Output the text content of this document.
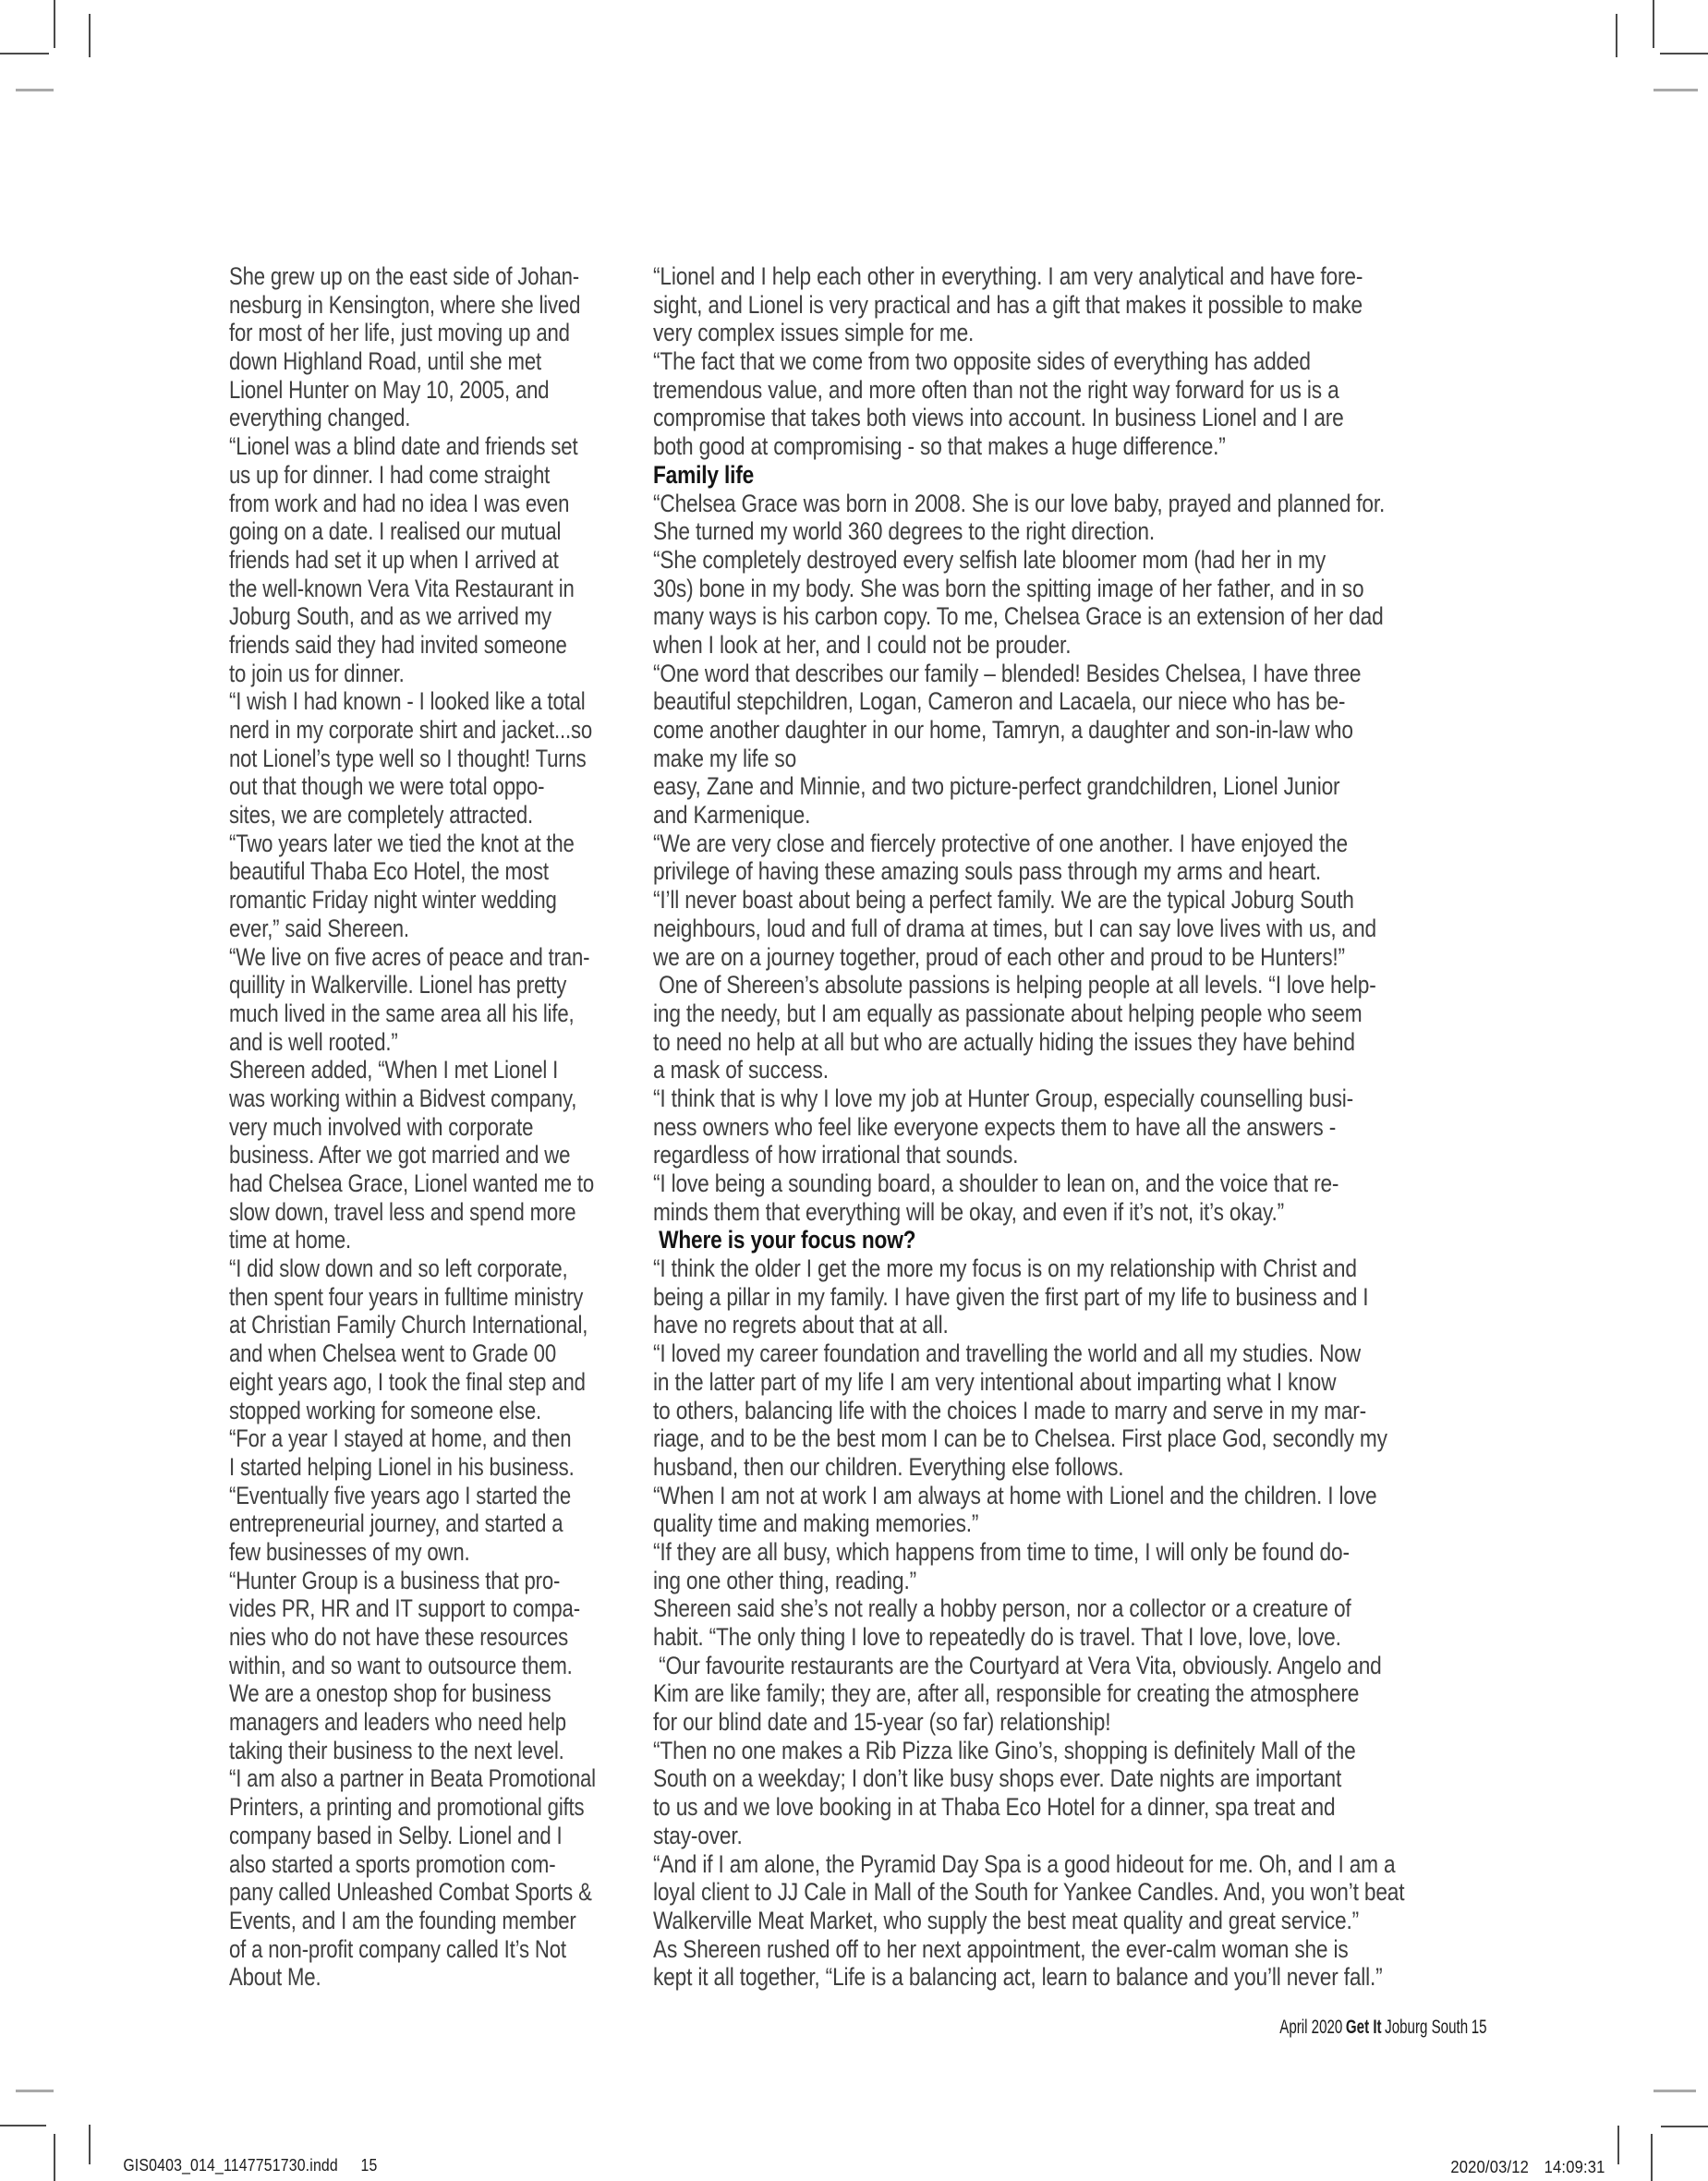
She grew up on the east side of Johan-
nesburg in Kensington, where she lived
for most of her life, just moving up and
down Highland Road, until she met
Lionel Hunter on May 10, 2005, and
everything changed.
“Lionel was a blind date and friends set
us up for dinner. I had come straight
from work and had no idea I was even
going on a date. I realised our mutual
friends had set it up when I arrived at
the well-known Vera Vita Restaurant in
Joburg South, and as we arrived my
friends said they had invited someone
to join us for dinner.
“I wish I had known - I looked like a total
nerd in my corporate shirt and jacket...so
not Lionel’s type well so I thought! Turns
out that though we were total oppo-
sites, we are completely attracted.
“Two years later we tied the knot at the
beautiful Thaba Eco Hotel, the most
romantic Friday night winter wedding
ever,” said Shereen.
“We live on five acres of peace and tran-
quillity in Walkerville. Lionel has pretty
much lived in the same area all his life,
and is well rooted.”
Shereen added, “When I met Lionel I
was working within a Bidvest company,
very much involved with corporate
business. After we got married and we
had Chelsea Grace, Lionel wanted me to
slow down, travel less and spend more
time at home.
“I did slow down and so left corporate,
then spent four years in fulltime ministry
at Christian Family Church International,
and when Chelsea went to Grade 00
eight years ago, I took the final step and
stopped working for someone else.
“For a year I stayed at home, and then
I started helping Lionel in his business.
“Eventually five years ago I started the
entrepreneurial journey, and started a
few businesses of my own.
“Hunter Group is a business that pro-
vides PR, HR and IT support to compa-
nies who do not have these resources
within, and so want to outsource them.
We are a onestop shop for business
managers and leaders who need help
taking their business to the next level.
“I am also a partner in Beata Promotional
Printers, a printing and promotional gifts
company based in Selby. Lionel and I
also started a sports promotion com-
pany called Unleashed Combat Sports &
Events, and I am the founding member
of a non-profit company called It’s Not
About Me.
“Lionel and I help each other in everything. I am very analytical and have fore-
sight, and Lionel is very practical and has a gift that makes it possible to make
very complex issues simple for me.
“The fact that we come from two opposite sides of everything has added
tremendous value, and more often than not the right way forward for us is a
compromise that takes both views into account. In business Lionel and I are
both good at compromising - so that makes a huge difference.”
Family life
“Chelsea Grace was born in 2008. She is our love baby, prayed and planned for.
She turned my world 360 degrees to the right direction.
“She completely destroyed every selfish late bloomer mom (had her in my
30s) bone in my body. She was born the spitting image of her father, and in so
many ways is his carbon copy. To me, Chelsea Grace is an extension of her dad
when I look at her, and I could not be prouder.
“One word that describes our family – blended! Besides Chelsea, I have three
beautiful stepchildren, Logan, Cameron and Lacaela, our niece who has be-
come another daughter in our home, Tamryn, a daughter and son-in-law who
make my life so
easy, Zane and Minnie, and two picture-perfect grandchildren, Lionel Junior
and Karmenique.
“We are very close and fiercely protective of one another. I have enjoyed the
privilege of having these amazing souls pass through my arms and heart.
“I’ll never boast about being a perfect family. We are the typical Joburg South
neighbours, loud and full of drama at times, but I can say love lives with us, and
we are on a journey together, proud of each other and proud to be Hunters!”
One of Shereen’s absolute passions is helping people at all levels. “I love help-
ing the needy, but I am equally as passionate about helping people who seem
to need no help at all but who are actually hiding the issues they have behind
a mask of success.
“I think that is why I love my job at Hunter Group, especially counselling busi-
ness owners who feel like everyone expects them to have all the answers -
regardless of how irrational that sounds.
“I love being a sounding board, a shoulder to lean on, and the voice that re-
minds them that everything will be okay, and even if it’s not, it’s okay.”
Where is your focus now?
“I think the older I get the more my focus is on my relationship with Christ and
being a pillar in my family. I have given the first part of my life to business and I
have no regrets about that at all.
“I loved my career foundation and travelling the world and all my studies. Now
in the latter part of my life I am very intentional about imparting what I know
to others, balancing life with the choices I made to marry and serve in my mar-
riage, and to be the best mom I can be to Chelsea. First place God, secondly my
husband, then our children. Everything else follows.
“When I am not at work I am always at home with Lionel and the children. I love
quality time and making memories.”
“If they are all busy, which happens from time to time, I will only be found do-
ing one other thing, reading.”
Shereen said she’s not really a hobby person, nor a collector or a creature of
habit. “The only thing I love to repeatedly do is travel. That I love, love, love.
“Our favourite restaurants are the Courtyard at Vera Vita, obviously. Angelo and
Kim are like family; they are, after all, responsible for creating the atmosphere
for our blind date and 15-year (so far) relationship!
“Then no one makes a Rib Pizza like Gino’s, shopping is definitely Mall of the
South on a weekday; I don’t like busy shops ever. Date nights are important
to us and we love booking in at Thaba Eco Hotel for a dinner, spa treat and
stay-over.
“And if I am alone, the Pyramid Day Spa is a good hideout for me. Oh, and I am a
loyal client to JJ Cale in Mall of the South for Yankee Candles. And, you won’t beat
Walkerville Meat Market, who supply the best meat quality and great service.”
As Shereen rushed off to her next appointment, the ever-calm woman she is
kept it all together, “Life is a balancing act, learn to balance and you’ll never fall.”
April 2020 Get It Joburg South 15

GIS0403_014_1147751730.indd 15
	2020/03/12 14:09:31
